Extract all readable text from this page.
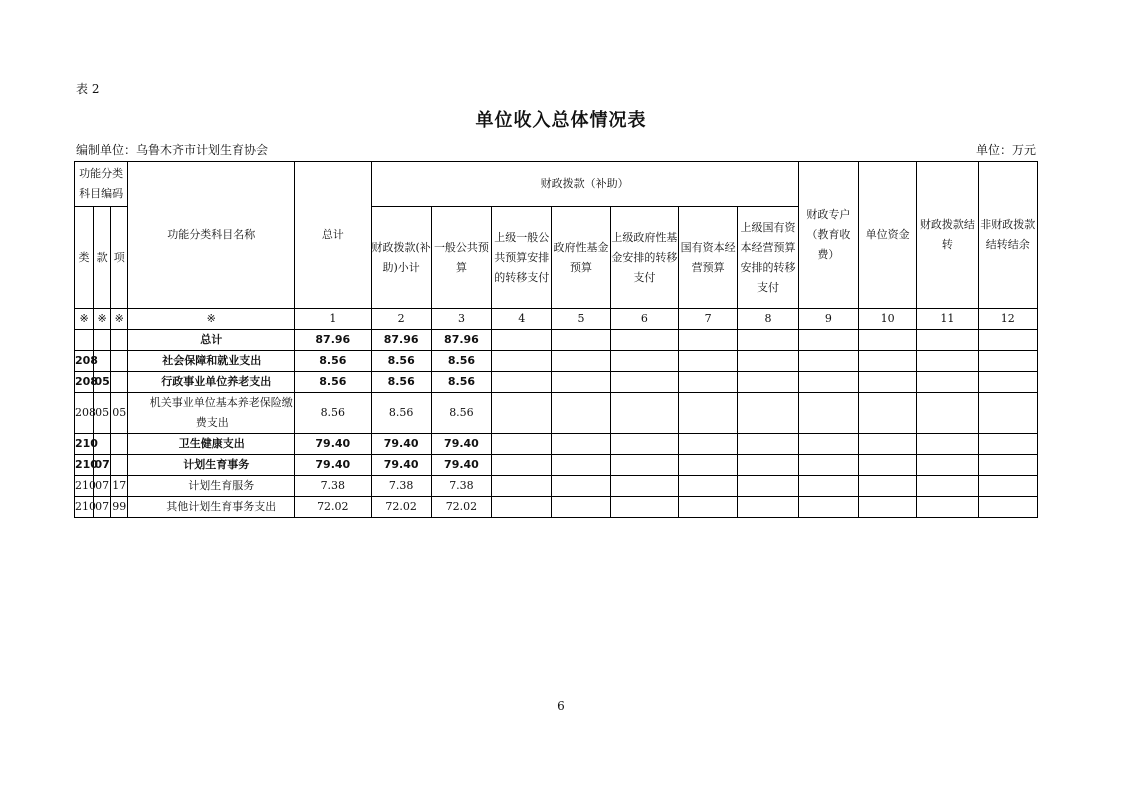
表 2
单位收入总体情况表
编制单位：乌鲁木齐市计划生育协会	单位：万元
功能分类科目编码			功能分类科目名称	总计	财政拨款（补助）							财政专户（教育收费）	单位资金	财政拨款结转	非财政拨款结转结余
类	款	项			财政拨款(补助)小计	一般公共预算	上级一般公共预算安排的转移支付	政府性基金预算	上级政府性基金安排的转移支付	国有资本经营预算	上级国有资本经营预算安排的转移支付				
※	※	※	※	1	2	3	4	5	6	7	8	9	10	11	12
			总计	87.96	87.96	87.96									
208			社会保障和就业支出	8.56	8.56	8.56									
208	05		行政事业单位养老支出	8.56	8.56	8.56									
208	05	05	机关事业单位基本养老保险缴费支出	8.56	8.56	8.56									
210			卫生健康支出	79.40	79.40	79.40									
210	07		计划生育事务	79.40	79.40	79.40									
210	07	17	计划生育服务	7.38	7.38	7.38									
210	07	99	其他计划生育事务支出	72.02	72.02	72.02									
6
